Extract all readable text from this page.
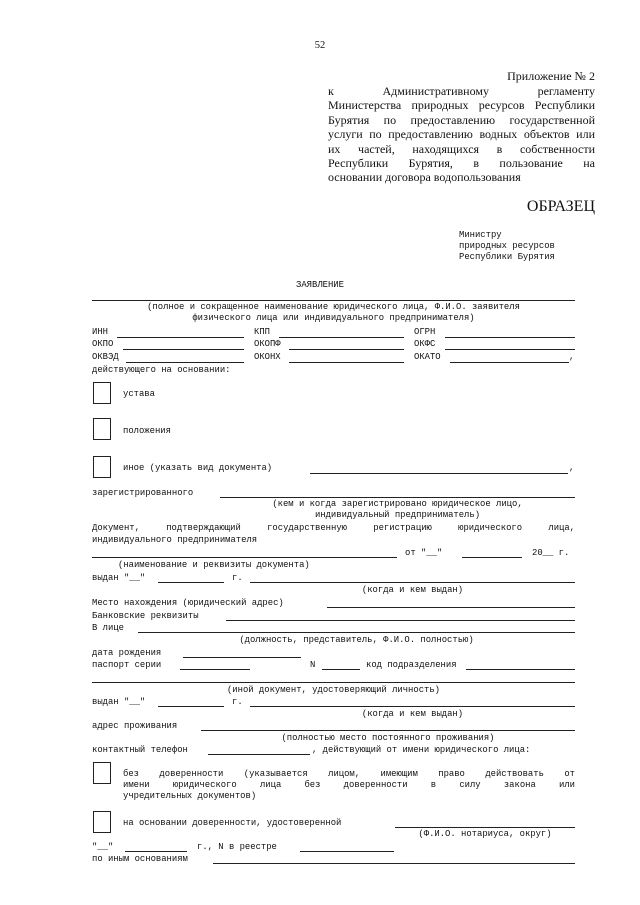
52
Приложение № 2
к Административному регламенту
Министерства природных ресурсов Республики
Бурятия по предоставлению государственной
услуги по предоставлению водных объектов или
их частей, находящихся в собственности
Республики Бурятия, в пользование на
основании договора водопользования
ОБРАЗЕЦ
Министру
природных ресурсов
Республики Бурятия
ЗАЯВЛЕНИЕ
(полное и сокращенное наименование юридического лица, Ф.И.О. заявителя
физического лица или индивидуального предпринимателя)
ИНН	КПП	ОГРН
ОКПО	ОКОПФ	ОКФС
ОКВЭД	ОКОНХ	ОКАТО	,
действующего на основании:
устава
положения
иное (указать вид документа)	,
зарегистрированного
(кем и когда зарегистрировано юридическое лицо,
индивидуальный предприниматель)
Документ, подтверждающий государственную регистрацию юридического лица,
индивидуального предпринимателя
от "__"	20__ г.
(наименование и реквизиты документа)
выдан "__"	г.
(когда и кем выдан)
Место нахождения (юридический адрес)
Банковские реквизиты
В лице
(должность, представитель, Ф.И.О. полностью)
дата рождения
паспорт серии	N	код подразделения
(иной документ, удостоверяющий личность)
выдан "__"	г.
(когда и кем выдан)
адрес проживания
(полностью место постоянного проживания)
контактный телефон	, действующий от имени юридического лица:
без доверенности (указывается лицом, имеющим право действовать от
имени юридического лица без доверенности в силу закона или
учредительных документов)
на основании доверенности, удостоверенной
(Ф.И.О. нотариуса, округ)
"__"	г., N в реестре
по иным основаниям
